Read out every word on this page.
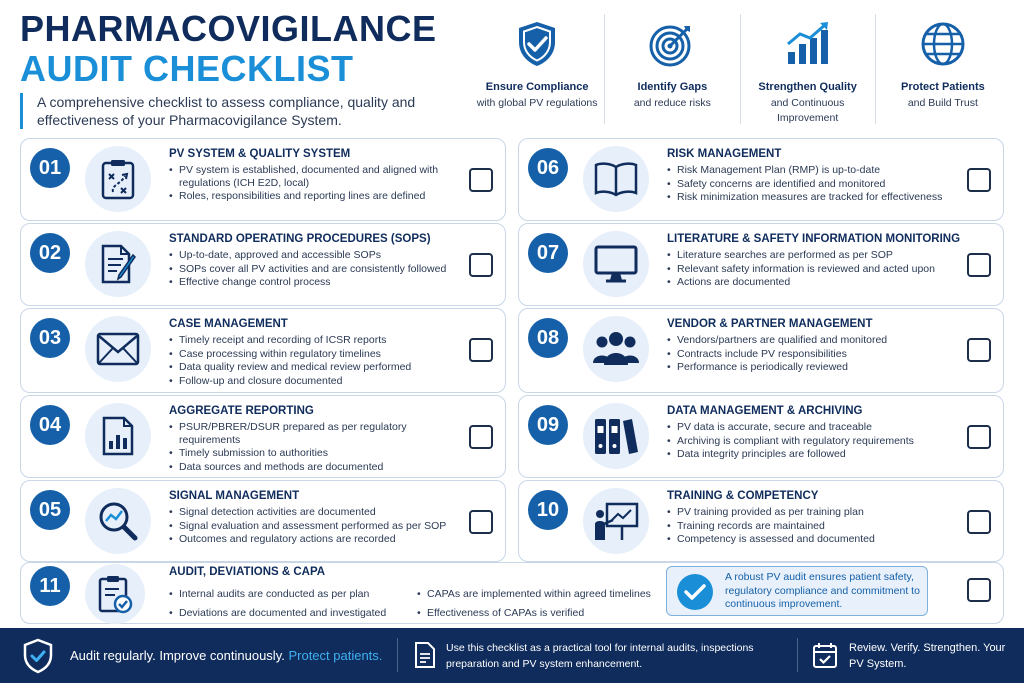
PHARMACOVIGILANCE
AUDIT CHECKLIST
A comprehensive checklist to assess compliance, quality and effectiveness of your Pharmacovigilance System.
Ensure Compliance
with global PV regulations
Identify Gaps
and reduce risks
Strengthen Quality
and Continuous Improvement
Protect Patients
and Build Trust
01
PV SYSTEM & QUALITY SYSTEM
• PV system is established, documented and aligned with regulations (ICH E2D, local)
• Roles, responsibilities and reporting lines are defined
02
STANDARD OPERATING PROCEDURES (SOPS)
• Up-to-date, approved and accessible SOPs
• SOPs cover all PV activities and are consistently followed
• Effective change control process
03
CASE MANAGEMENT
• Timely receipt and recording of ICSR reports
• Case processing within regulatory timelines
• Data quality review and medical review performed
• Follow-up and closure documented
04
AGGREGATE REPORTING
• PSUR/PBRER/DSUR prepared as per regulatory requirements
• Timely submission to authorities
• Data sources and methods are documented
05
SIGNAL MANAGEMENT
• Signal detection activities are documented
• Signal evaluation and assessment performed as per SOP
• Outcomes and regulatory actions are recorded
06
RISK MANAGEMENT
• Risk Management Plan (RMP) is up-to-date
• Safety concerns are identified and monitored
• Risk minimization measures are tracked for effectiveness
07
LITERATURE & SAFETY INFORMATION MONITORING
• Literature searches are performed as per SOP
• Relevant safety information is reviewed and acted upon
• Actions are documented
08
VENDOR & PARTNER MANAGEMENT
• Vendors/partners are qualified and monitored
• Contracts include PV responsibilities
• Performance is periodically reviewed
09
DATA MANAGEMENT & ARCHIVING
• PV data is accurate, secure and traceable
• Archiving is compliant with regulatory requirements
• Data integrity principles are followed
10
TRAINING & COMPETENCY
• PV training provided as per training plan
• Training records are maintained
• Competency is assessed and documented
11
AUDIT, DEVIATIONS & CAPA
• Internal audits are conducted as per plan
• Deviations are documented and investigated
• CAPAs are implemented within agreed timelines
• Effectiveness of CAPAs is verified
A robust PV audit ensures patient safety, regulatory compliance and commitment to continuous improvement.
Audit regularly. Improve continuously. Protect patients.	Use this checklist as a practical tool for internal audits, inspections preparation and PV system enhancement.
Review. Verify. Strengthen. Your PV System.
